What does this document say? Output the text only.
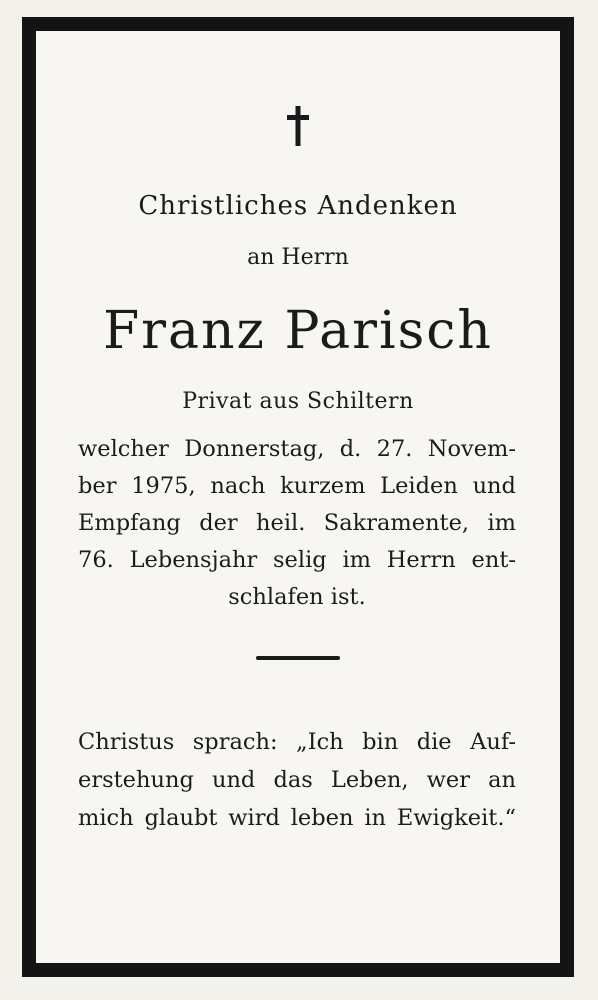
Christliches Andenken
an Herrn
Franz Parisch
Privat aus Schiltern
welcher Donnerstag, d. 27. Novem-
ber 1975, nach kurzem Leiden und
Empfang der heil. Sakramente, im
76. Lebensjahr selig im Herrn ent-
schlafen ist.
Christus sprach: „Ich bin die Auf-
erstehung und das Leben, wer an
mich glaubt wird leben in Ewigkeit.“
